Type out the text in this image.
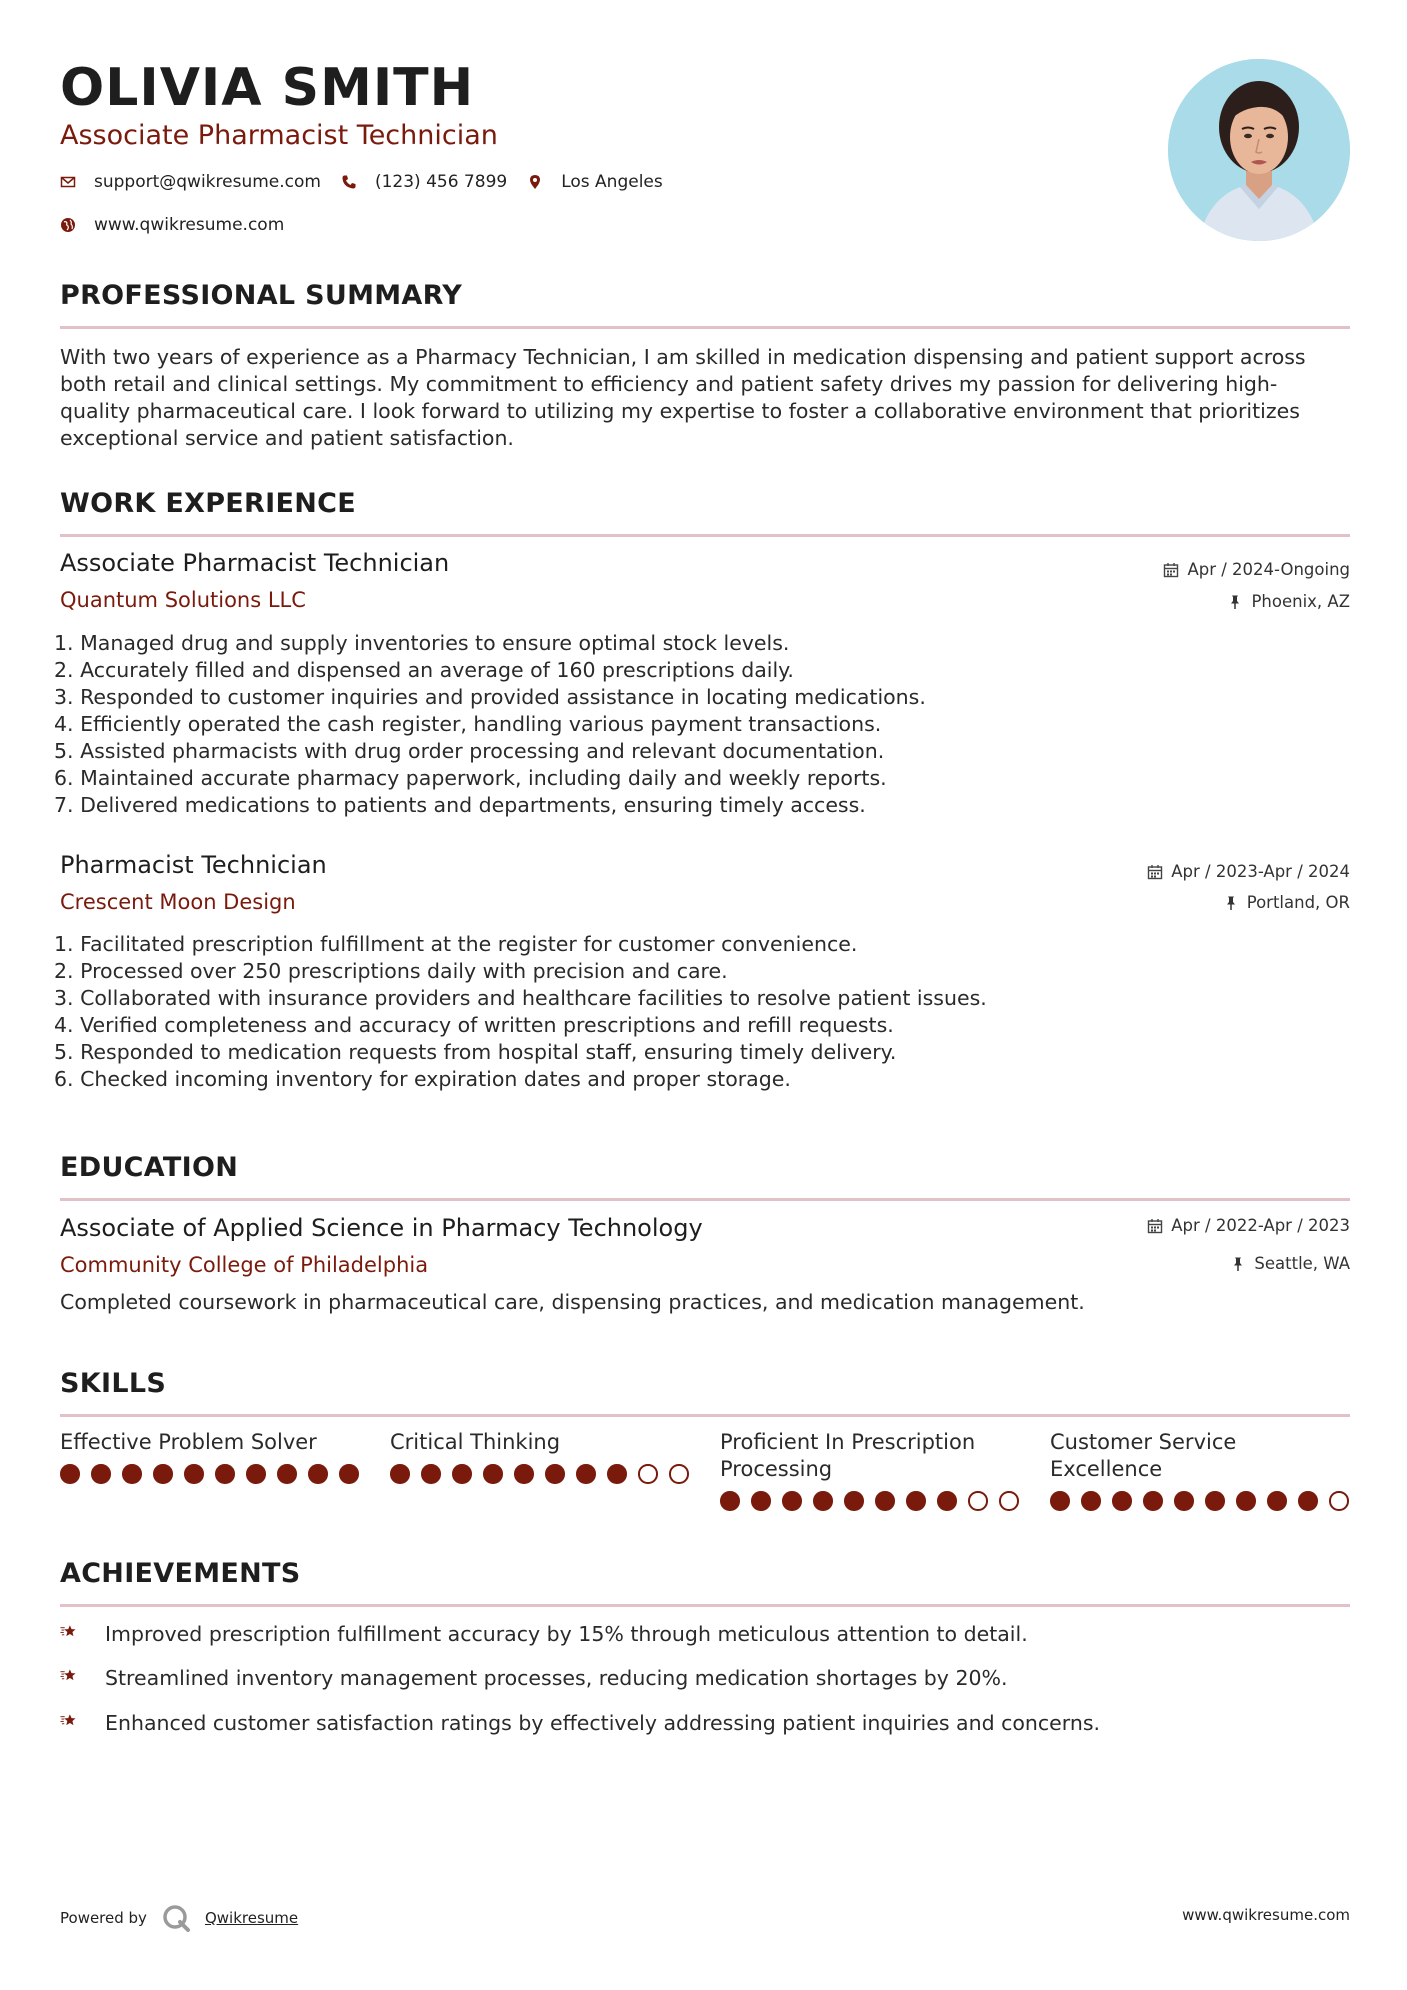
OLIVIA SMITH
Associate Pharmacist Technician
support@qwikresume.com	(123) 456 7899	Los Angeles
www.qwikresume.com
PROFESSIONAL SUMMARY
With two years of experience as a Pharmacy Technician, I am skilled in medication dispensing and patient support across
both retail and clinical settings. My commitment to efficiency and patient safety drives my passion for delivering high-
quality pharmaceutical care. I look forward to utilizing my expertise to foster a collaborative environment that prioritizes
exceptional service and patient satisfaction.
WORK EXPERIENCE
Associate Pharmacist Technician
Quantum Solutions LLC
Apr / 2024-Ongoing
Phoenix, AZ
1. Managed drug and supply inventories to ensure optimal stock levels.
2. Accurately filled and dispensed an average of 160 prescriptions daily.
3. Responded to customer inquiries and provided assistance in locating medications.
4. Efficiently operated the cash register, handling various payment transactions.
5. Assisted pharmacists with drug order processing and relevant documentation.
6. Maintained accurate pharmacy paperwork, including daily and weekly reports.
7. Delivered medications to patients and departments, ensuring timely access.
Pharmacist Technician
Crescent Moon Design
Apr / 2023-Apr / 2024
Portland, OR
1. Facilitated prescription fulfillment at the register for customer convenience.
2. Processed over 250 prescriptions daily with precision and care.
3. Collaborated with insurance providers and healthcare facilities to resolve patient issues.
4. Verified completeness and accuracy of written prescriptions and refill requests.
5. Responded to medication requests from hospital staff, ensuring timely delivery.
6. Checked incoming inventory for expiration dates and proper storage.
EDUCATION
Associate of Applied Science in Pharmacy Technology
Community College of Philadelphia
Apr / 2022-Apr / 2023
Seattle, WA
Completed coursework in pharmaceutical care, dispensing practices, and medication management.
SKILLS
Effective Problem Solver	Critical Thinking	Proficient In Prescription
Processing
Customer Service
Excellence
ACHIEVEMENTS
Improved prescription fulfillment accuracy by 15% through meticulous attention to detail.
Streamlined inventory management processes, reducing medication shortages by 20%.
Enhanced customer satisfaction ratings by effectively addressing patient inquiries and concerns.
Powered by	Qwikresume	www.qwikresume.com
